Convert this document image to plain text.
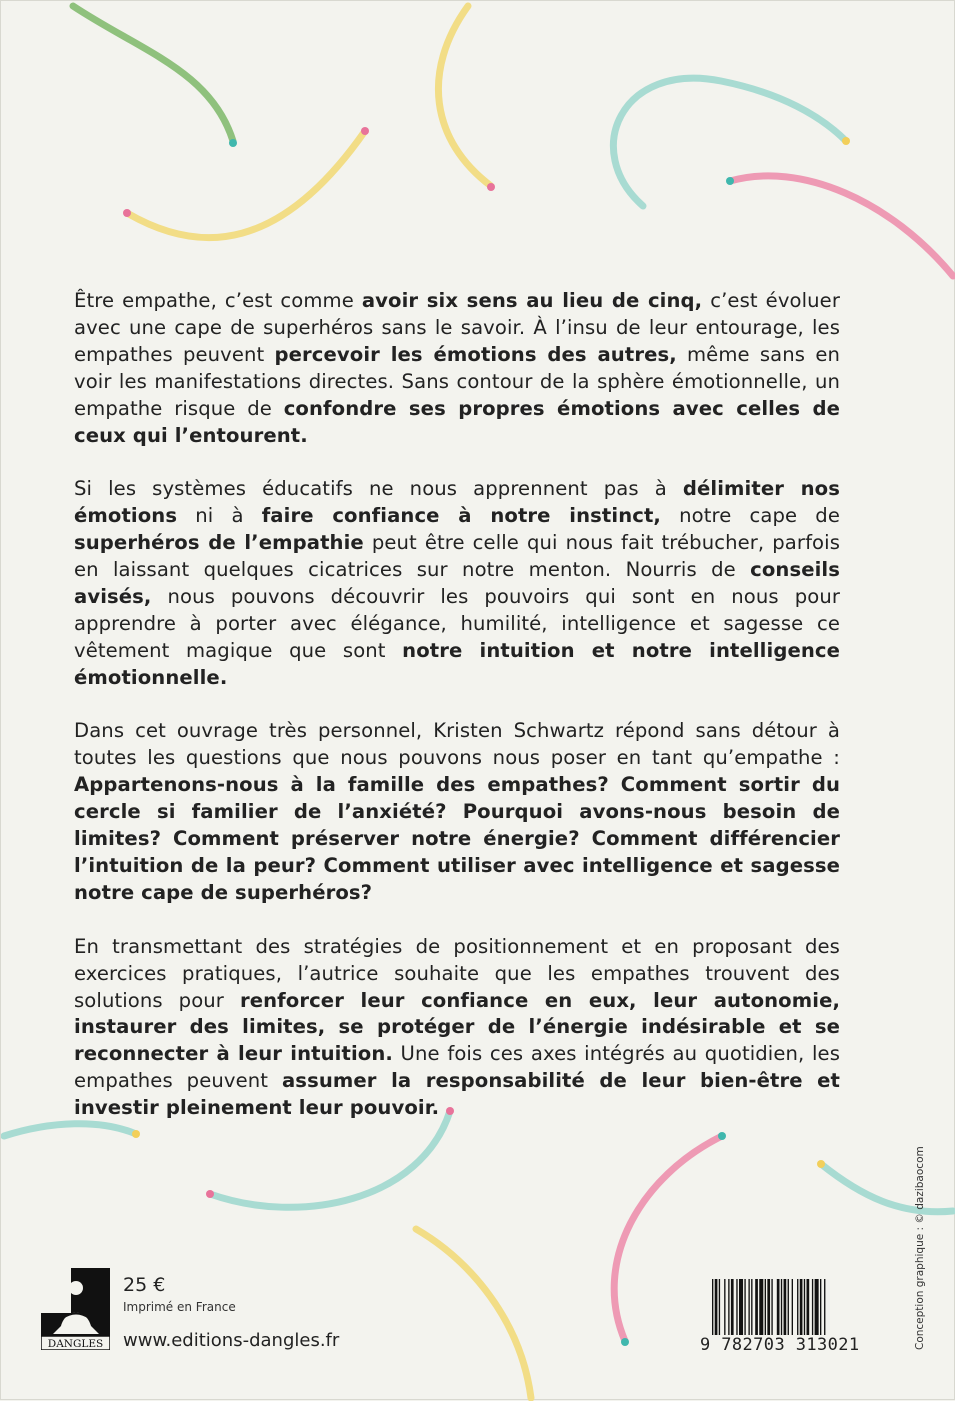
Être empathe, c’est comme avoir six sens au lieu de cinq, c’est évoluer avec une cape de superhéros sans le savoir. À l’insu de leur entourage, les empathes peuvent percevoir les émotions des autres, même sans en voir les manifestations directes. Sans contour de la sphère émotionnelle, un empathe risque de confondre ses propres émotions avec celles de ceux qui l’entourent.

Si les systèmes éducatifs ne nous apprennent pas à délimiter nos émotions ni à faire confiance à notre instinct, notre cape de superhéros de l’empathie peut être celle qui nous fait trébucher, parfois en laissant quelques cicatrices sur notre menton. Nourris de conseils avisés, nous pouvons découvrir les pouvoirs qui sont en nous pour apprendre à porter avec élégance, humilité, intelligence et sagesse ce vêtement magique que sont notre intuition et notre intelligence émotionnelle.

Dans cet ouvrage très personnel, Kristen Schwartz répond sans détour à toutes les questions que nous pouvons nous poser en tant qu’empathe : Appartenons-nous à la famille des empathes? Comment sortir du cercle si familier de l’anxiété? Pourquoi avons-nous besoin de limites? Comment préserver notre énergie? Comment différencier l’intuition de la peur? Comment utiliser avec intelligence et sagesse notre cape de superhéros?

En transmettant des stratégies de positionnement et en proposant des exercices pratiques, l’autrice souhaite que les empathes trouvent des solutions pour renforcer leur confiance en eux, leur autonomie, instaurer des limites, se protéger de l’énergie indésirable et se reconnecter à leur intuition. Une fois ces axes intégrés au quotidien, les empathes peuvent assumer la responsabilité de leur bien-être et investir pleinement leur pouvoir.

DANGLES
25 €
Imprimé en France
www.editions-dangles.fr	9 782703 313021	Conception graphique : © dazibaocom
